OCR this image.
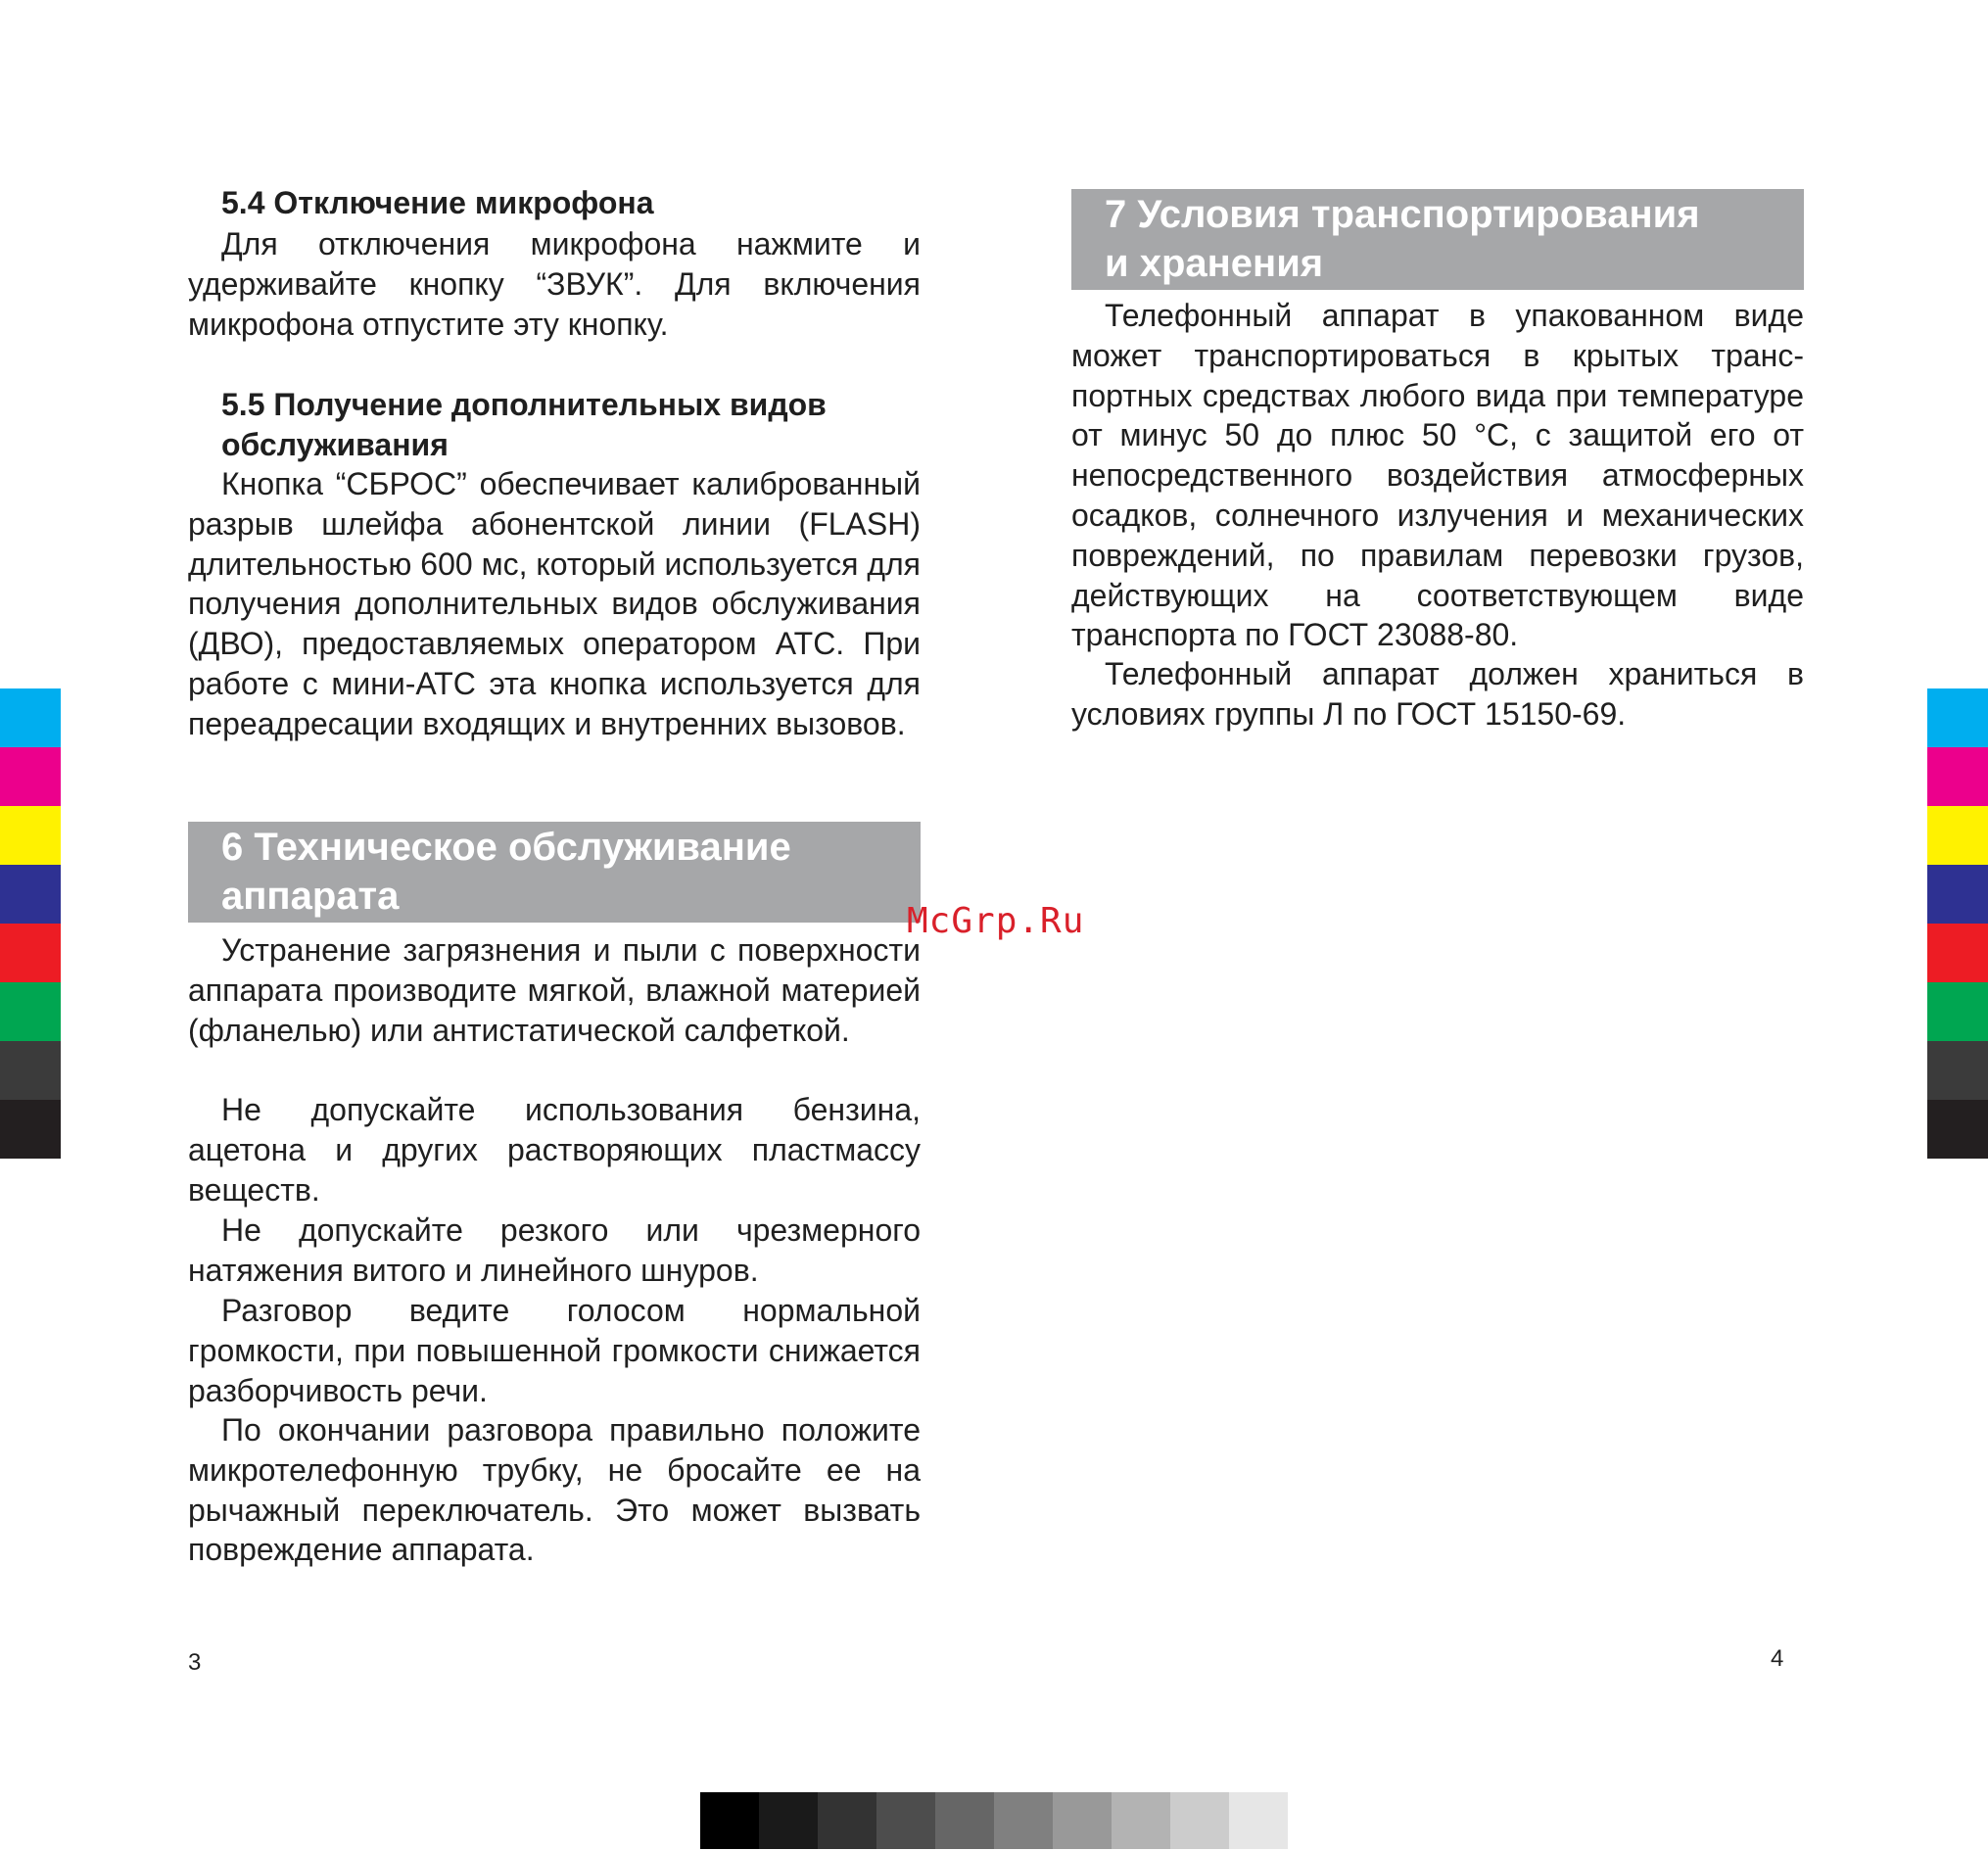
5.4 Отключение микрофона

Для отключения микрофона нажмите и удерживайте кнопку “ЗВУК”. Для включения микрофона отпустите эту кнопку.

5.5 Получение дополнительных видов
обслуживания

Кнопка “СБРОС” обеспечивает калиброванный разрыв шлейфа абонентской линии (FLASH) длительностью 600 мс, который используется для получения дополнительных видов обслуживания (ДВО), предоставляемых оператором АТС. При работе с мини-АТС эта кнопка используется для переадресации входящих и внутренних вызовов.

6 Техническое обслуживание
аппарата

Устранение загрязнения и пыли с поверхности аппарата производите мягкой, влажной материей (фланелью) или антистатической салфеткой.

Не допускайте использования бензина, ацетона и других растворяющих пластмассу веществ.

Не допускайте резкого или чрезмерного натяжения витого и линейного шнуров.

Разговор ведите голосом нормальной громкости, при повышенной громкости снижается разборчивость речи.

По окончании разговора правильно положите микротелефонную трубку, не бросайте ее на рычажный переключатель. Это может вызвать повреждение аппарата.

3
7 Условия транспортирования
и хранения

Телефонный аппарат в упакованном виде может транспортироваться в крытых транспортных средствах любого вида при температуре от минус 50 до плюс 50 °С, с защитой его от непосредственного воздействия атмосферных осадков, солнечного излучения и механических повреждений, по правилам перевозки грузов, действующих на соответствующем виде транспорта по ГОСТ 23088-80.

Телефонный аппарат должен храниться в условиях группы Л по ГОСТ 15150-69.

4
McGrp.Ru
